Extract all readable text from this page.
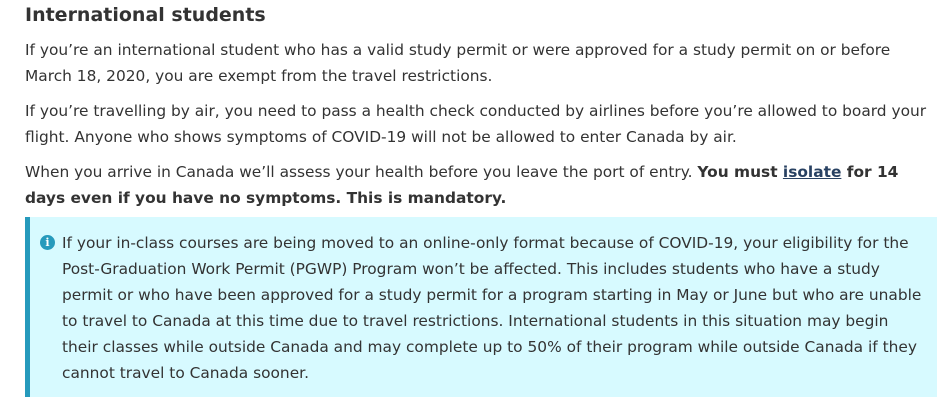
International students

If you’re an international student who has a valid study permit or were approved for a study permit on or before March 18, 2020, you are exempt from the travel restrictions.

If you’re travelling by air, you need to pass a health check conducted by airlines before you’re allowed to board your flight. Anyone who shows symptoms of COVID-19 will not be allowed to enter Canada by air.

When you arrive in Canada we’ll assess your health before you leave the port of entry. You must isolate for 14 days even if you have no symptoms. This is mandatory.

i If your in-class courses are being moved to an online-only format because of COVID-19, your eligibility for the Post-Graduation Work Permit (PGWP) Program won’t be affected. This includes students who have a study permit or who have been approved for a study permit for a program starting in May or June but who are unable to travel to Canada at this time due to travel restrictions. International students in this situation may begin their classes while outside Canada and may complete up to 50% of their program while outside Canada if they cannot travel to Canada sooner.
